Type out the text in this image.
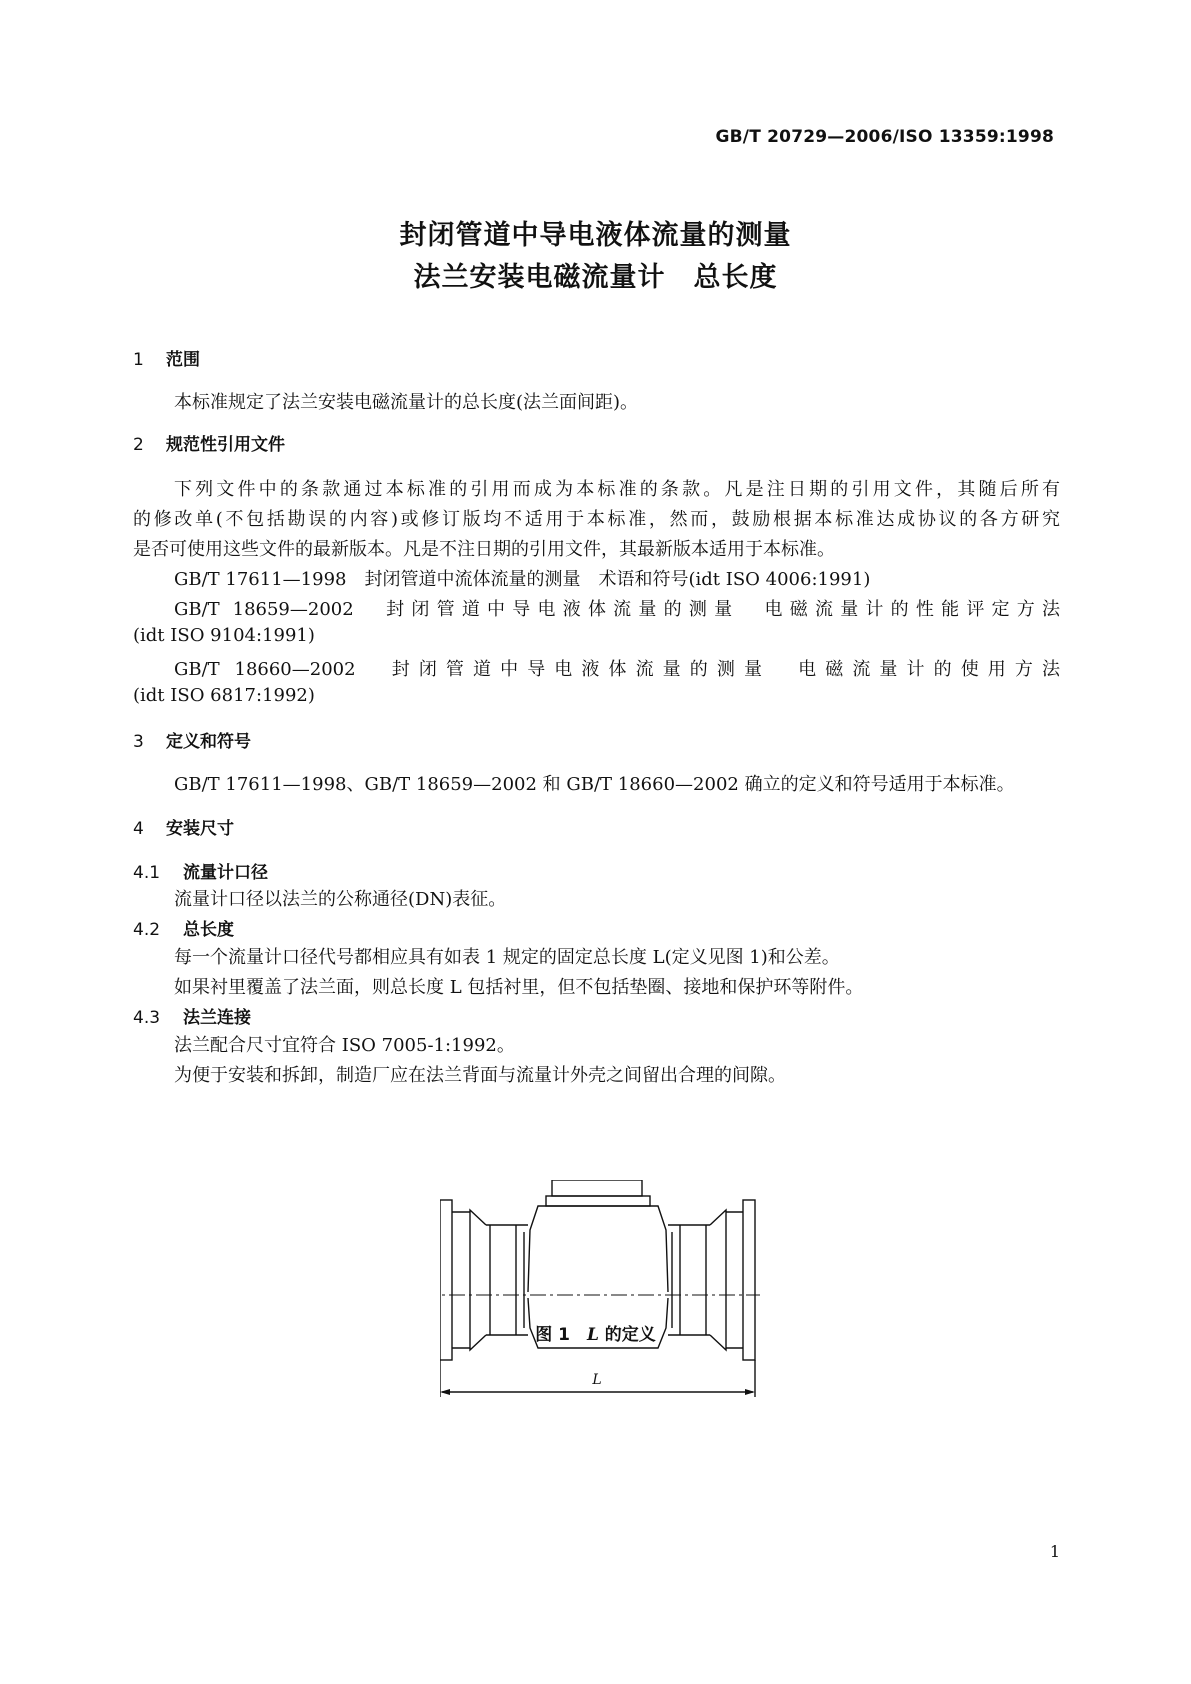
GB/T 20729—2006/ISO 13359:1998
封闭管道中导电液体流量的测量
法兰安装电磁流量计　总长度
1 范围
本标准规定了法兰安装电磁流量计的总长度(法兰面间距)。
2 规范性引用文件
下列文件中的条款通过本标准的引用而成为本标准的条款。凡是注日期的引用文件，其随后所有
的修改单(不包括勘误的内容)或修订版均不适用于本标准，然而，鼓励根据本标准达成协议的各方研究
是否可使用这些文件的最新版本。凡是不注日期的引用文件，其最新版本适用于本标准。
GB/T 17611—1998　封闭管道中流体流量的测量　术语和符号(idt ISO 4006:1991)
GB/T 18659—2002　封闭管道中导电液体流量的测量　电磁流量计的性能评定方法
(idt ISO 9104:1991)
GB/T 18660—2002　封闭管道中导电液体流量的测量　电磁流量计的使用方法
(idt ISO 6817:1992)
3 定义和符号
GB/T 17611—1998、GB/T 18659—2002 和 GB/T 18660—2002 确立的定义和符号适用于本标准。
4 安装尺寸
4.1 流量计口径
流量计口径以法兰的公称通径(DN)表征。
4.2 总长度
每一个流量计口径代号都相应具有如表 1 规定的固定总长度 L(定义见图 1)和公差。
如果衬里覆盖了法兰面，则总长度 L 包括衬里，但不包括垫圈、接地和保护环等附件。
4.3 法兰连接
法兰配合尺寸宜符合 ISO 7005-1:1992。
为便于安装和拆卸，制造厂应在法兰背面与流量计外壳之间留出合理的间隙。
L
图 1　L 的定义
1
